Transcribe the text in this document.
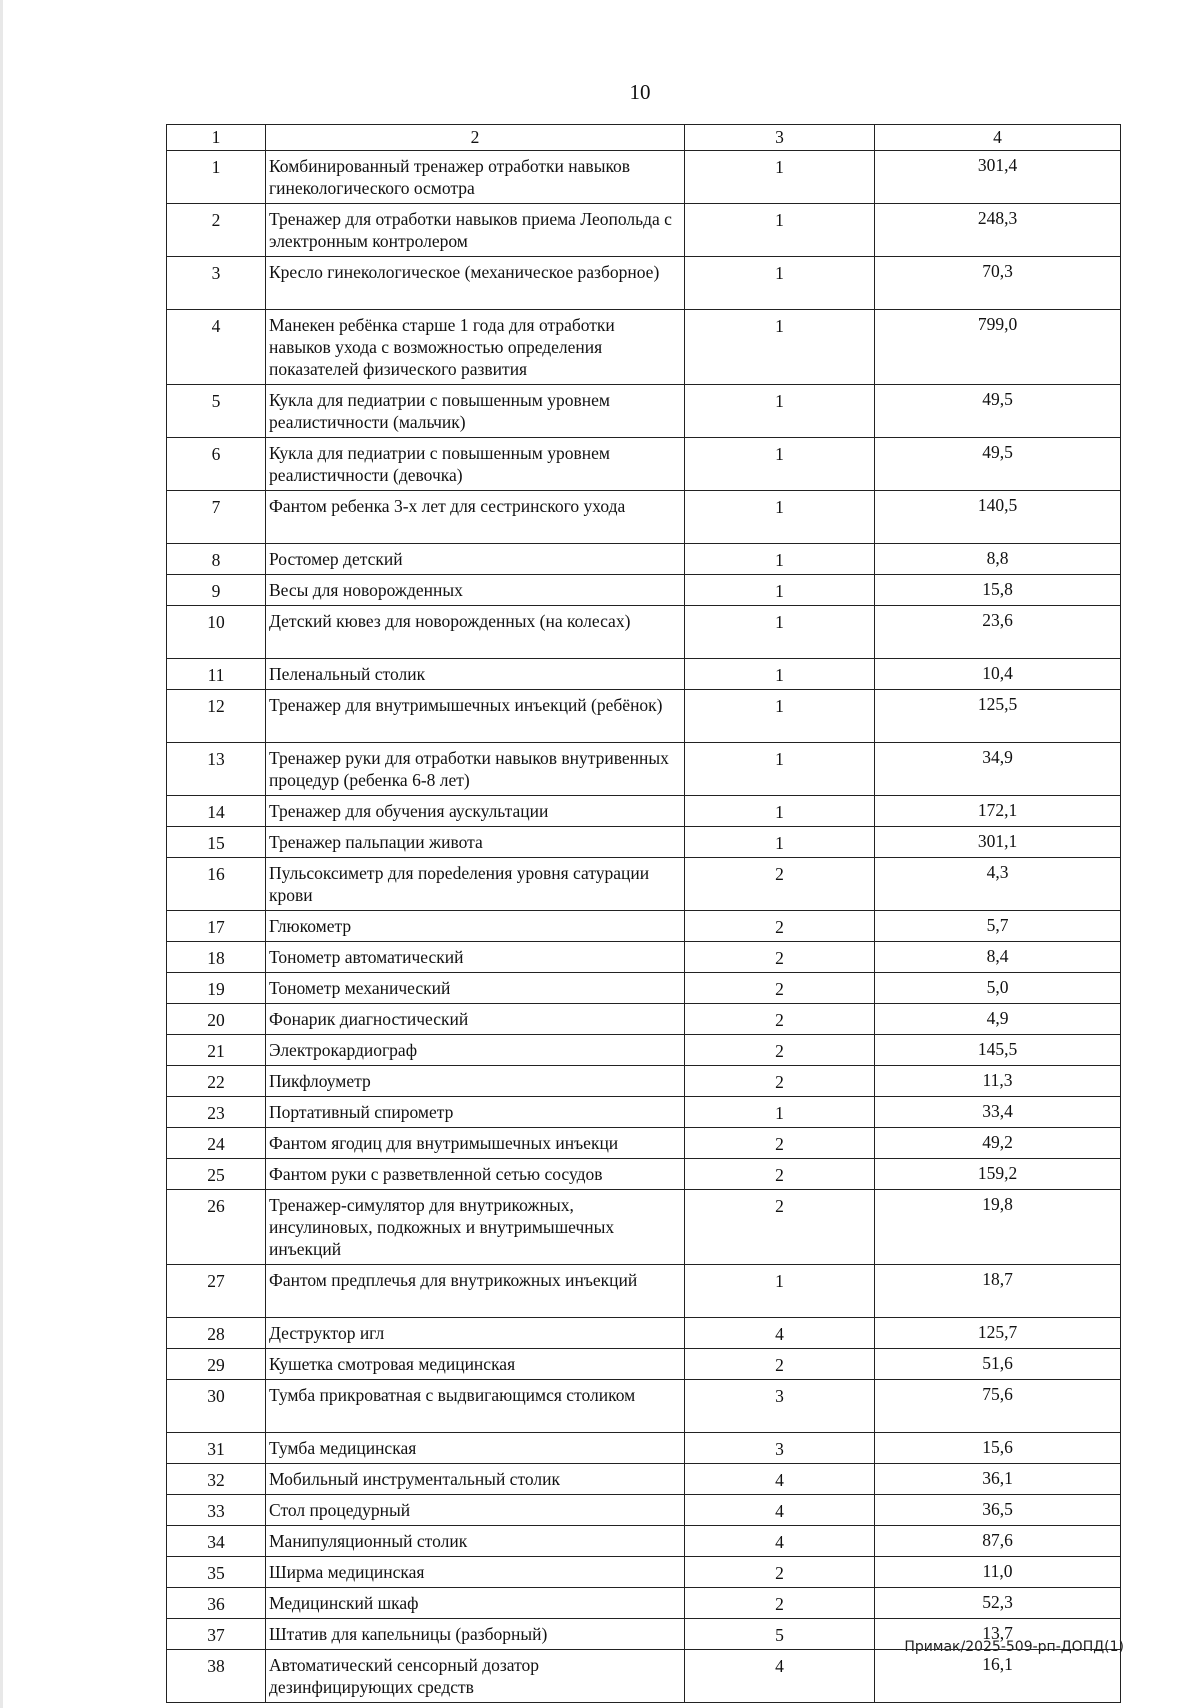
10
1	2	3	4
1	Комбинированный тренажер отработки навыков гинекологического осмотра	1	301,4
2	Тренажер для отработки навыков приема Леопольда с электронным контролером	1	248,3
3	Кресло гинекологическое (механическое разборное)	1	70,3
4	Манекен ребёнка старше 1 года для отработки навыков ухода с возможностью определения показателей физического развития	1	799,0
5	Кукла для педиатрии с повышенным уровнем реалистичности (мальчик)	1	49,5
6	Кукла для педиатрии с повышенным уровнем реалистичности (девочка)	1	49,5
7	Фантом ребенка 3-х лет для сестринского ухода	1	140,5
8	Ростомер детский	1	8,8
9	Весы для новорожденных	1	15,8
10	Детский кювез для новорожденных (на колесах)	1	23,6
11	Пеленальный столик	1	10,4
12	Тренажер для внутримышечных инъекций (ребёнок)	1	125,5
13	Тренажер руки для отработки навыков внутривенных процедур (ребенка 6-8 лет)	1	34,9
14	Тренажер для обучения аускультации	1	172,1
15	Тренажер пальпации живота	1	301,1
16	Пульсоксиметр для пореdeления уровня сатурации крови	2	4,3
17	Глюкометр	2	5,7
18	Тонометр автоматический	2	8,4
19	Тонометр механический	2	5,0
20	Фонарик диагностический	2	4,9
21	Электрокардиограф	2	145,5
22	Пикфлоуметр	2	11,3
23	Портативный спирометр	1	33,4
24	Фантом ягодиц для внутримышечных инъекци	2	49,2
25	Фантом руки с разветвленной сетью сосудов	2	159,2
26	Тренажер-симулятор для внутрикожных, инсулиновых, подкожных и внутримышечных инъекций	2	19,8
27	Фантом предплечья для внутрикожных инъекций	1	18,7
28	Деструктор игл	4	125,7
29	Кушетка смотровая медицинская	2	51,6
30	Тумба прикроватная с выдвигающимся столиком	3	75,6
31	Тумба медицинская	3	15,6
32	Мобильный инструментальный столик	4	36,1
33	Стол процедурный	4	36,5
34	Манипуляционный столик	4	87,6
35	Ширма медицинская	2	11,0
36	Медицинский шкаф	2	52,3
37	Штатив для капельницы (разборный)	5	13,7
38	Автоматический сенсорный дозатор дезинфицирующих средств	4	16,1
Примак/2025-509-рп-ДОПД(1)
